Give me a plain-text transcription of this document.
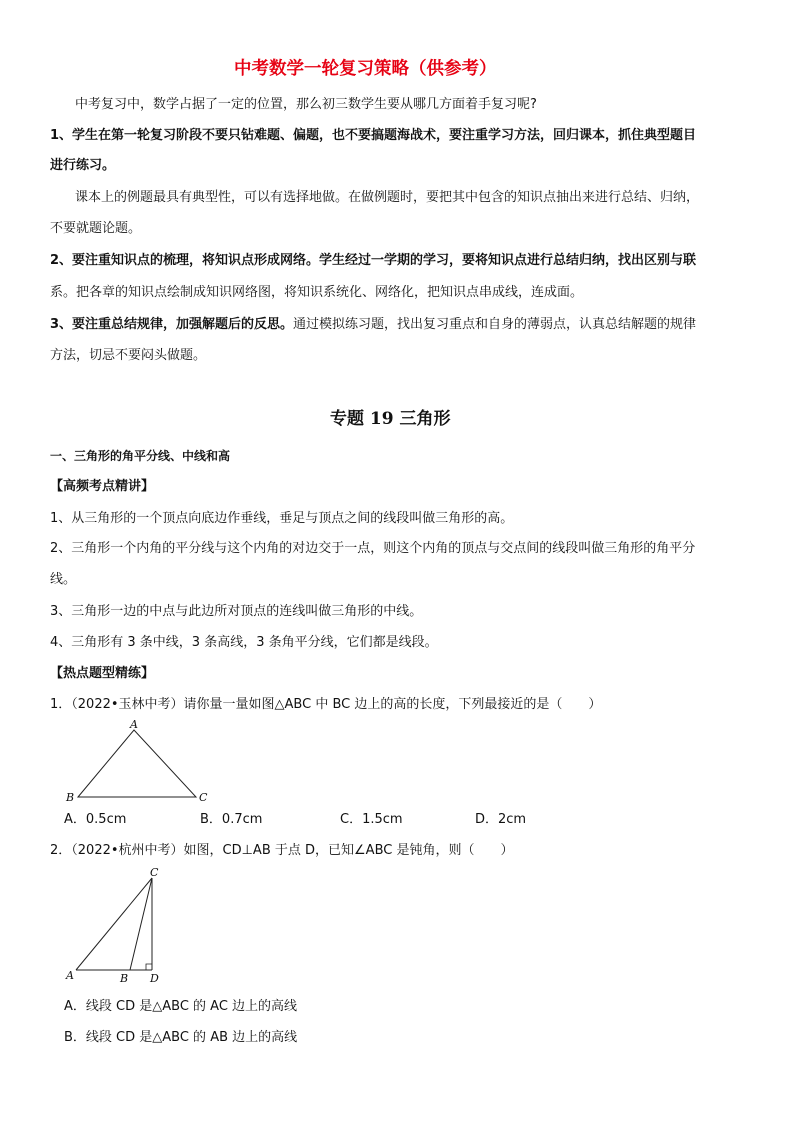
中考数学一轮复习策略（供参考）
中考复习中，数学占据了一定的位置，那么初三数学生要从哪几方面着手复习呢?
1、学生在第一轮复习阶段不要只钻难题、偏题，也不要搞题海战术，要注重学习方法，回归课本，抓住典型题目
进行练习。
课本上的例题最具有典型性，可以有选择地做。在做例题时，要把其中包含的知识点抽出来进行总结、归纳，
不要就题论题。
2、要注重知识点的梳理，将知识点形成网络。学生经过一学期的学习，要将知识点进行总结归纳，找出区别与联
系。把各章的知识点绘制成知识网络图，将知识系统化、网络化，把知识点串成线，连成面。
3、要注重总结规律，加强解题后的反思。通过模拟练习题，找出复习重点和自身的薄弱点，认真总结解题的规律
方法，切忌不要闷头做题。
专题 19 三角形
一、三角形的角平分线、中线和高
【高频考点精讲】
1、从三角形的一个顶点向底边作垂线，垂足与顶点之间的线段叫做三角形的高。
2、三角形一个内角的平分线与这个内角的对边交于一点，则这个内角的顶点与交点间的线段叫做三角形的角平分
线。
3、三角形一边的中点与此边所对顶点的连线叫做三角形的中线。
4、三角形有 3 条中线，3 条高线，3 条角平分线，它们都是线段。
【热点题型精练】
1．（2022•玉林中考）请你量一量如图△ABC 中 BC 边上的高的长度，下列最接近的是（　　）
A
B	C
A．0.5cm	B．0.7cm	C．1.5cm	D．2cm
2．（2022•杭州中考）如图，CD⊥AB 于点 D，已知∠ABC 是钝角，则（　　）
A	B
C
D
A．线段 CD 是△ABC 的 AC 边上的高线
B．线段 CD 是△ABC 的 AB 边上的高线
